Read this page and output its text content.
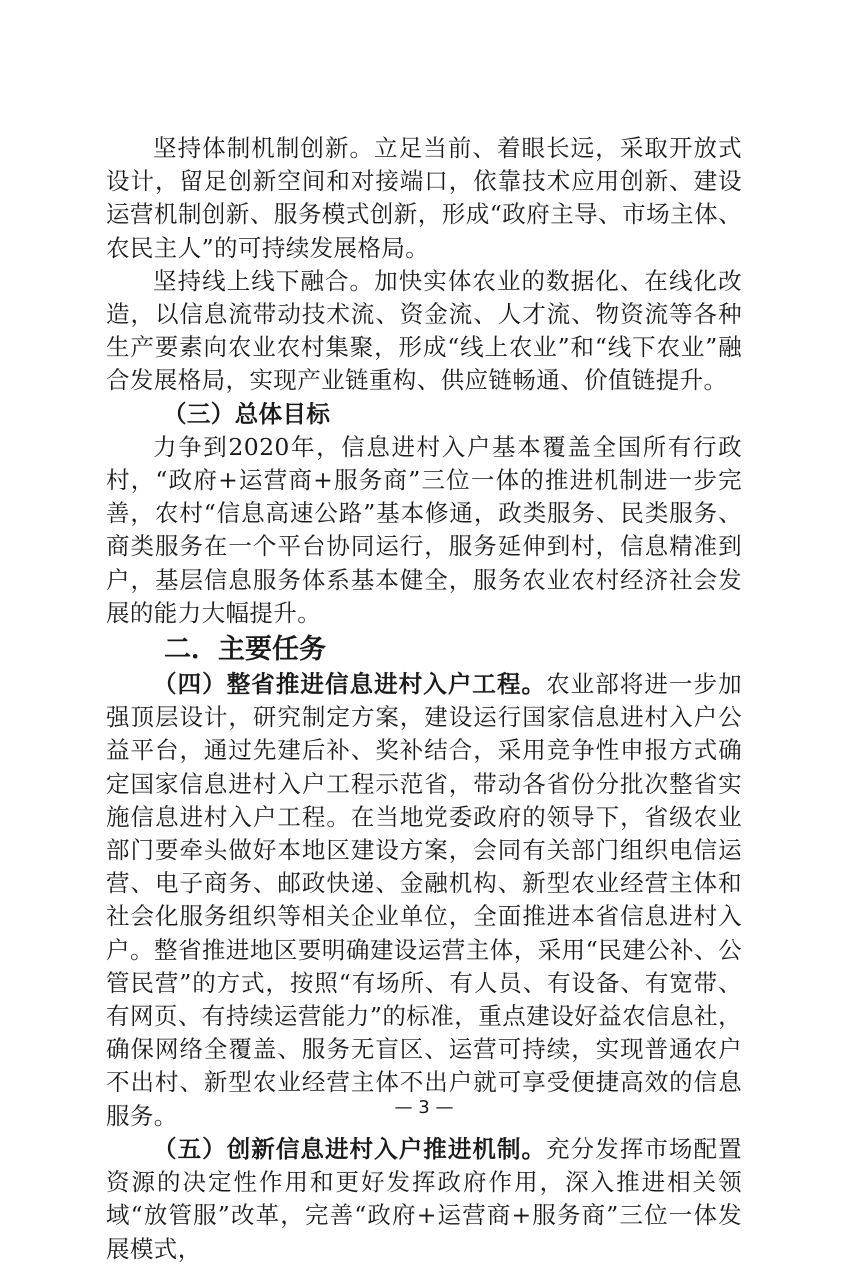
坚持体制机制创新。立足当前、着眼长远，采取开放式设计，留足创新空间和对接端口，依靠技术应用创新、建设运营机制创新、服务模式创新，形成“政府主导、市场主体、农民主人”的可持续发展格局。

坚持线上线下融合。加快实体农业的数据化、在线化改造，以信息流带动技术流、资金流、人才流、物资流等各种生产要素向农业农村集聚，形成“线上农业”和“线下农业”融合发展格局，实现产业链重构、供应链畅通、价值链提升。

（三）总体目标

力争到2020年，信息进村入户基本覆盖全国所有行政村，“政府+运营商+服务商”三位一体的推进机制进一步完善，农村“信息高速公路”基本修通，政类服务、民类服务、商类服务在一个平台协同运行，服务延伸到村，信息精准到户，基层信息服务体系基本健全，服务农业农村经济社会发展的能力大幅提升。

二．主要任务

（四）整省推进信息进村入户工程。农业部将进一步加强顶层设计，研究制定方案，建设运行国家信息进村入户公益平台，通过先建后补、奖补结合，采用竞争性申报方式确定国家信息进村入户工程示范省，带动各省份分批次整省实施信息进村入户工程。在当地党委政府的领导下，省级农业部门要牵头做好本地区建设方案，会同有关部门组织电信运营、电子商务、邮政快递、金融机构、新型农业经营主体和社会化服务组织等相关企业单位，全面推进本省信息进村入户。整省推进地区要明确建设运营主体，采用“民建公补、公管民营”的方式，按照“有场所、有人员、有设备、有宽带、有网页、有持续运营能力”的标准，重点建设好益农信息社，确保网络全覆盖、服务无盲区、运营可持续，实现普通农户不出村、新型农业经营主体不出户就可享受便捷高效的信息服务。

（五）创新信息进村入户推进机制。充分发挥市场配置资源的决定性作用和更好发挥政府作用，深入推进相关领域“放管服”改革，完善“政府+运营商+服务商”三位一体发展模式，

— 3 —
